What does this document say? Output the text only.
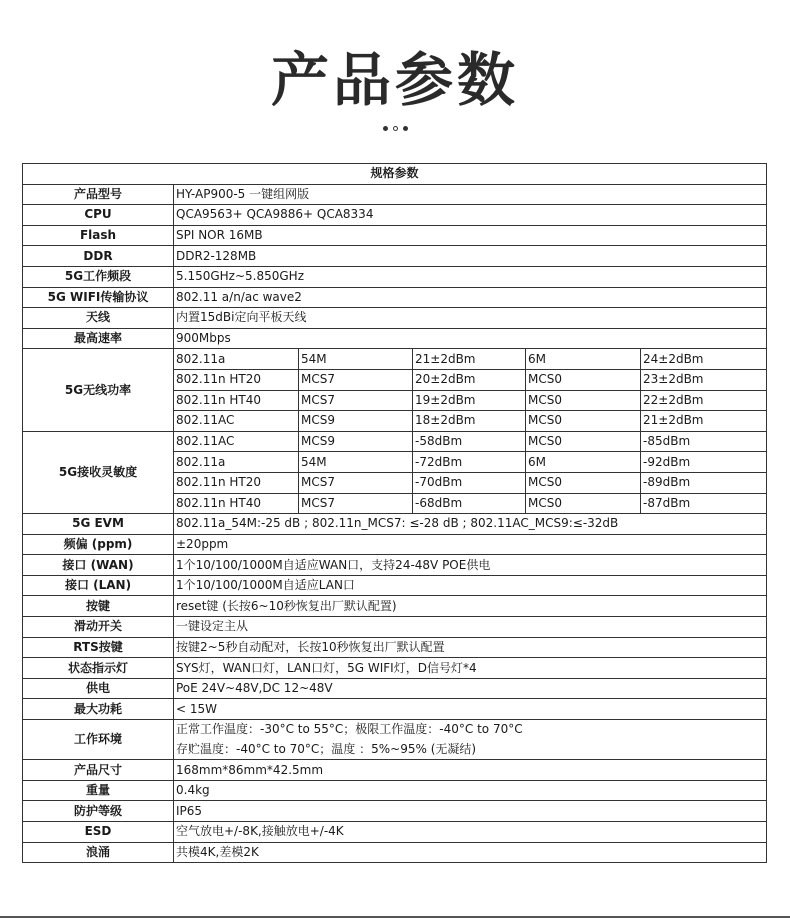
产品参数
规格参数					
产品型号	HY-AP900-5 一键组网版				
CPU	QCA9563+ QCA9886+ QCA8334				
Flash	SPI NOR 16MB				
DDR	DDR2-128MB				
5G工作频段	5.150GHz~5.850GHz				
5G WIFI传输协议	802.11 a/n/ac wave2				
天线	内置15dBi定向平板天线				
最高速率	900Mbps				
5G无线功率	802.11a	54M	21±2dBm	6M	24±2dBm
	802.11n HT20	MCS7	20±2dBm	MCS0	23±2dBm
	802.11n HT40	MCS7	19±2dBm	MCS0	22±2dBm
	802.11AC	MCS9	18±2dBm	MCS0	21±2dBm
5G接收灵敏度	802.11AC	MCS9	-58dBm	MCS0	-85dBm
	802.11a	54M	-72dBm	6M	-92dBm
	802.11n HT20	MCS7	-70dBm	MCS0	-89dBm
	802.11n HT40	MCS7	-68dBm	MCS0	-87dBm
5G EVM	802.11a_54M:-25 dB ; 802.11n_MCS7: ≤-28 dB ; 802.11AC_MCS9:≤-32dB				
频偏 (ppm)	±20ppm				
接口 (WAN)	1个10/100/1000M自适应WAN口，支持24-48V POE供电				
接口 (LAN)	1个10/100/1000M自适应LAN口				
按键	reset键 (长按6~10秒恢复出厂默认配置)				
滑动开关	一键设定主从				
RTS按键	按键2~5秒自动配对，长按10秒恢复出厂默认配置				
状态指示灯	SYS灯，WAN口灯，LAN口灯，5G WIFI灯，D信号灯*4				
供电	PoE 24V~48V,DC 12~48V				
最大功耗	< 15W				
工作环境	正常工作温度：-30°C to 55°C；极限工作温度：-40°C to 70°C				
	存贮温度：-40°C to 70°C；温度 ：5%~95% (无凝结)				
产品尺寸	168mm*86mm*42.5mm				
重量	0.4kg				
防护等级	IP65				
ESD	空气放电+/-8K,接触放电+/-4K				
浪涌	共模4K,差模2K				
